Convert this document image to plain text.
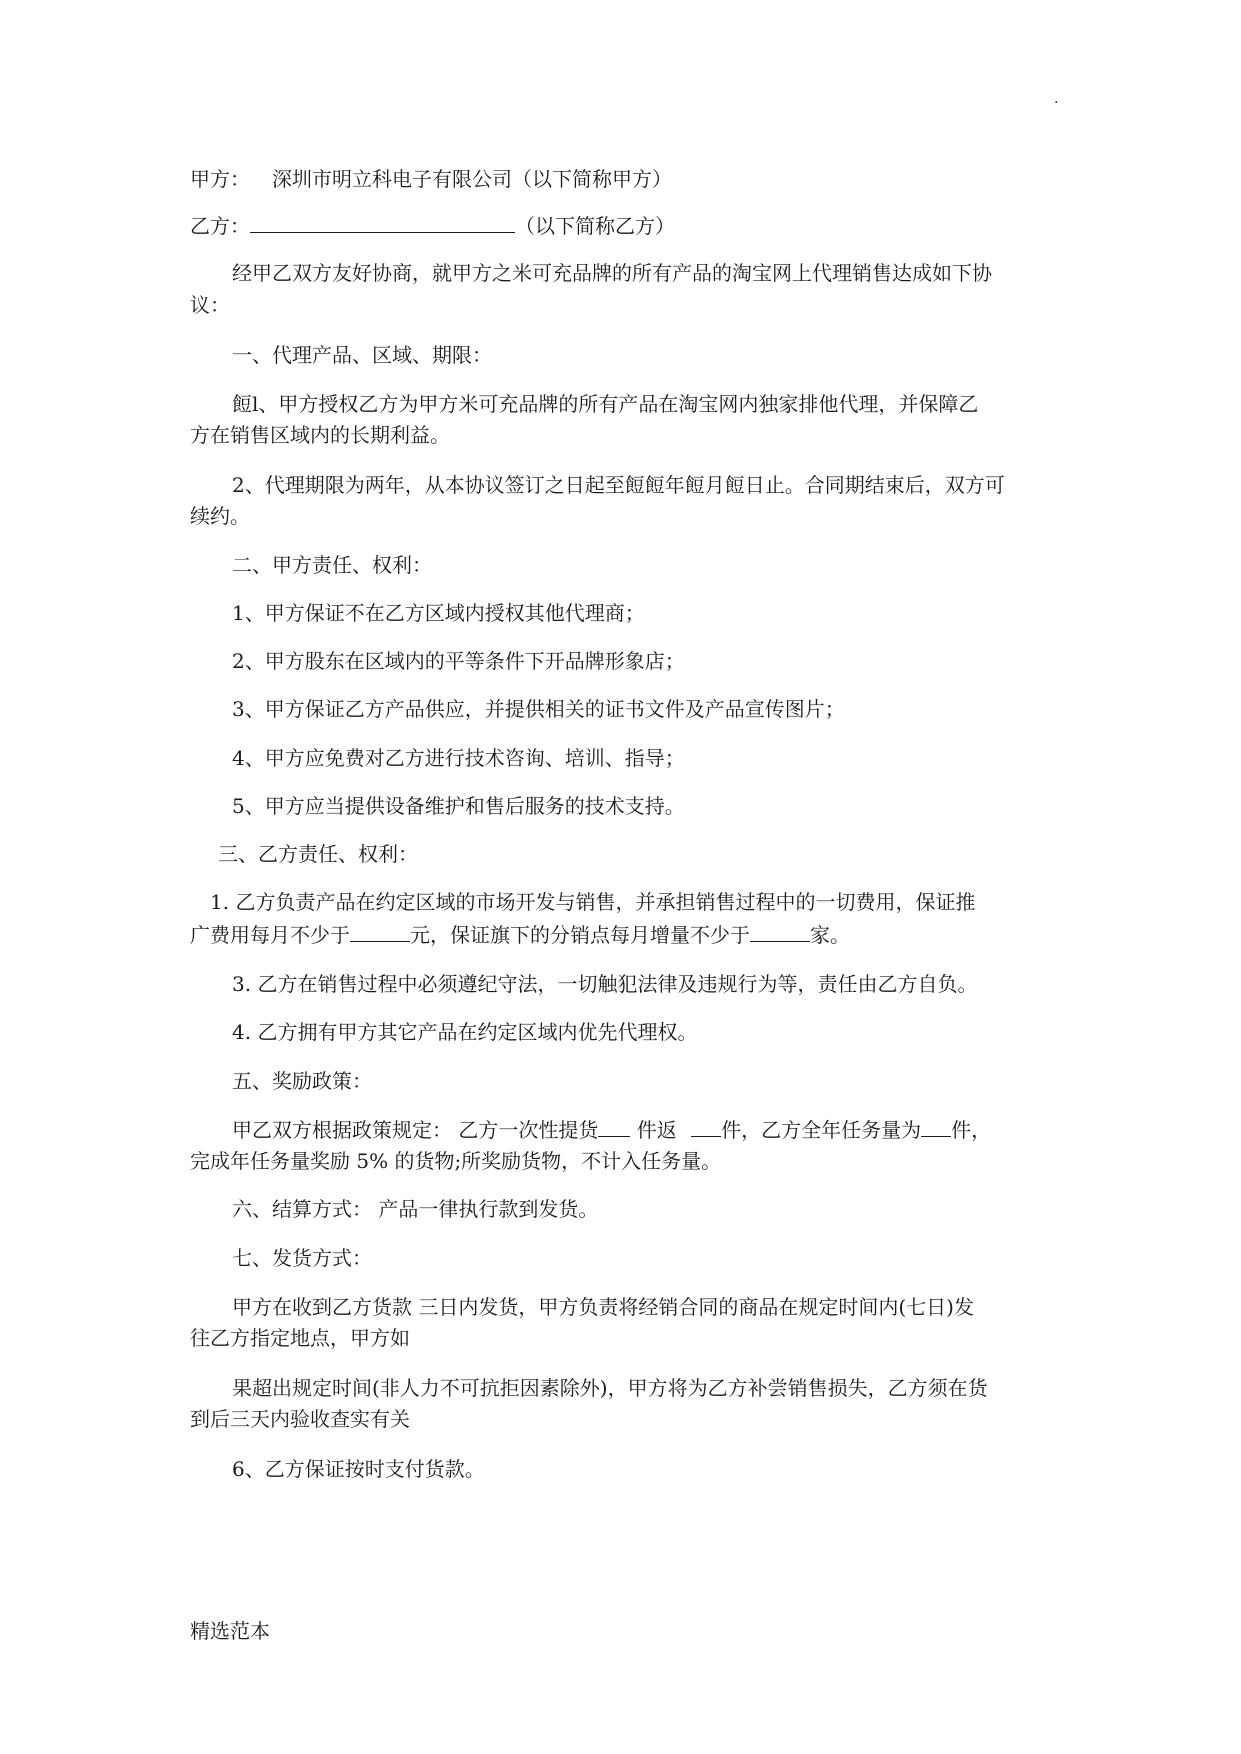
.
甲方： 深圳市明立科电子有限公司（以下简称甲方）
乙方：	（以下简称乙方）
经甲乙双方友好协商，就甲方之米可充品牌的所有产品的淘宝网上代理销售达成如下协
议：
一、代理产品、区域、期限：
餖l、甲方授权乙方为甲方米可充品牌的所有产品在淘宝网内独家排他代理，并保障乙
方在销售区域内的长期利益。
2、代理期限为两年，从本协议签订之日起至餖餖年餖月餖日止。合同期结束后，双方可
续约。
二、甲方责任、权利：
1、甲方保证不在乙方区域内授权其他代理商；
2、甲方股东在区域内的平等条件下开品牌形象店；
3、甲方保证乙方产品供应，并提供相关的证书文件及产品宣传图片；
4、甲方应免费对乙方进行技术咨询、培训、指导；
5、甲方应当提供设备维护和售后服务的技术支持。
三、乙方责任、权利：
1. 乙方负责产品在约定区域的市场开发与销售，并承担销售过程中的一切费用，保证推
广费用每月不少于	元，保证旗下的分销点每月增量不少于	家。
3. 乙方在销售过程中必须遵纪守法，一切触犯法律及违规行为等，责任由乙方自负。
4. 乙方拥有甲方其它产品在约定区域内优先代理权。
五、奖励政策：
甲乙双方根据政策规定： 乙方一次性提货 件返 件，乙方全年任务量为 件，
完成年任务量奖励 5% 的货物;所奖励货物，不计入任务量。
六、结算方式： 产品一律执行款到发货。
七、发货方式：
甲方在收到乙方货款 三日内发货，甲方负责将经销合同的商品在规定时间内(七日)发
往乙方指定地点，甲方如
果超出规定时间(非人力不可抗拒因素除外)，甲方将为乙方补尝销售损失，乙方须在货
到后三天内验收查实有关
6、乙方保证按时支付货款。
精选范本
